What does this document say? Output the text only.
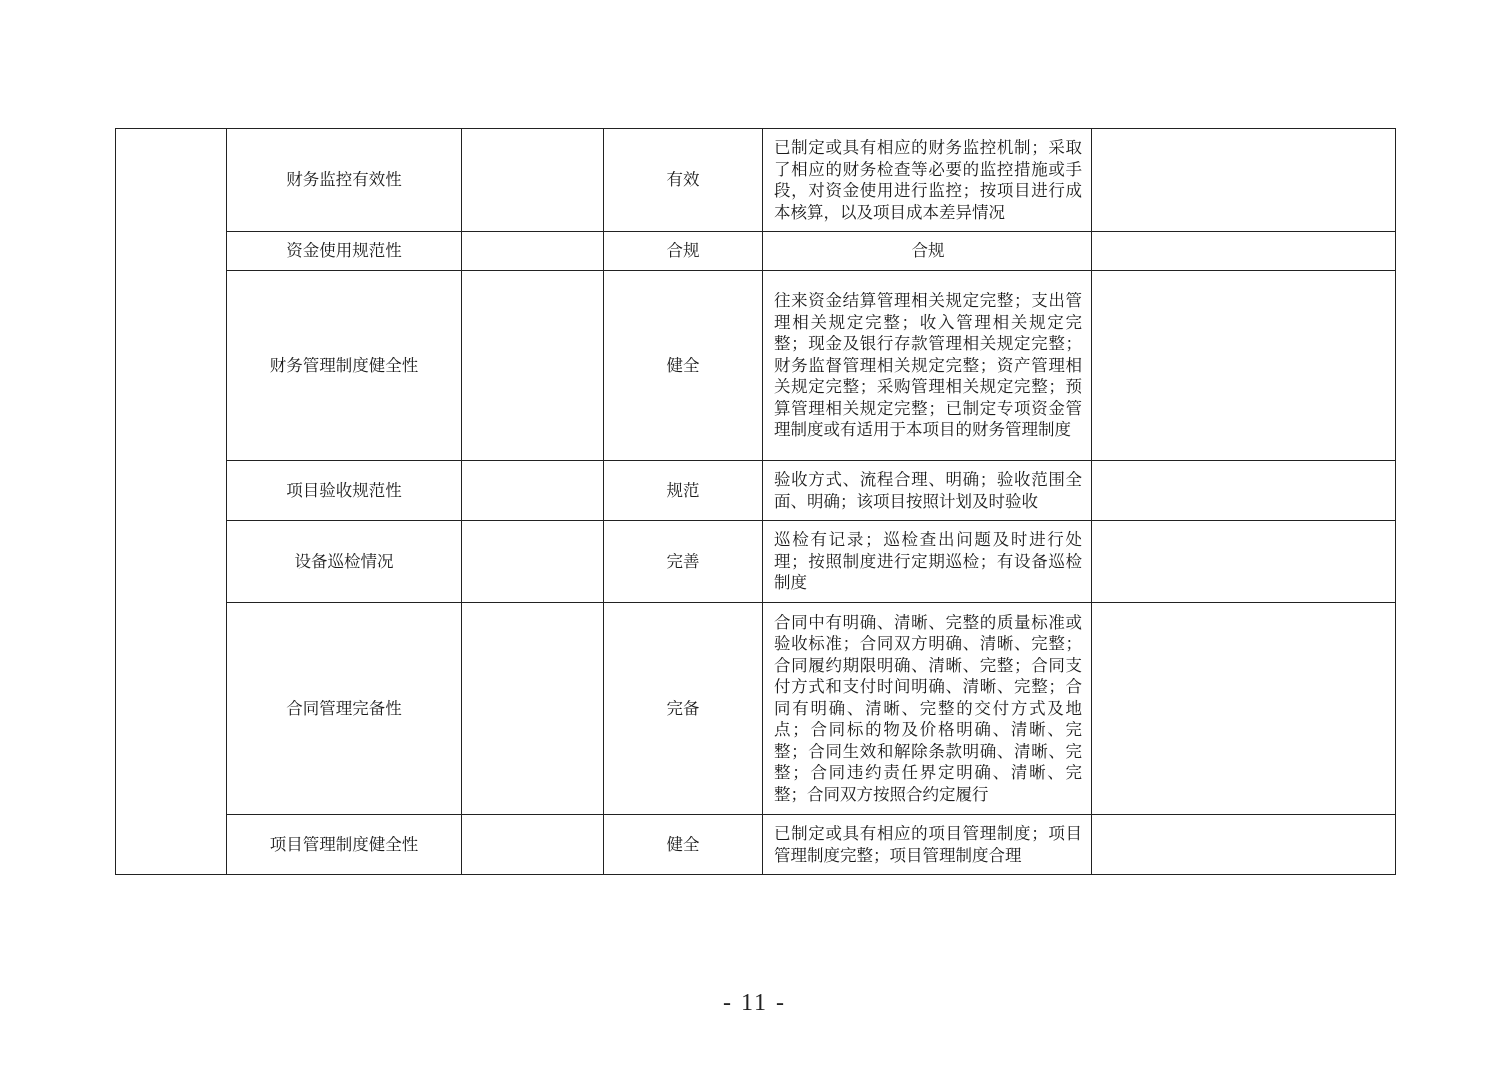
	财务监控有效性		有效	已制定或具有相应的财务监控机制；采取了相应的财务检查等必要的监控措施或手段，对资金使用进行监控；按项目进行成本核算，以及项目成本差异情况	
	资金使用规范性		合规	合规	
	财务管理制度健全性		健全	往来资金结算管理相关规定完整；支出管理相关规定完整；收入管理相关规定完整；现金及银行存款管理相关规定完整；财务监督管理相关规定完整；资产管理相关规定完整；采购管理相关规定完整；预算管理相关规定完整；已制定专项资金管理制度或有适用于本项目的财务管理制度	
	项目验收规范性		规范	验收方式、流程合理、明确；验收范围全面、明确；该项目按照计划及时验收	
	设备巡检情况		完善	巡检有记录；巡检查出问题及时进行处理；按照制度进行定期巡检；有设备巡检制度	
	合同管理完备性		完备	合同中有明确、清晰、完整的质量标准或验收标准；合同双方明确、清晰、完整；合同履约期限明确、清晰、完整；合同支付方式和支付时间明确、清晰、完整；合同有明确、清晰、完整的交付方式及地点；合同标的物及价格明确、清晰、完整；合同生效和解除条款明确、清晰、完整；合同违约责任界定明确、清晰、完整；合同双方按照合约定履行	
	项目管理制度健全性		健全	已制定或具有相应的项目管理制度；项目管理制度完整；项目管理制度合理	
- 11 -
